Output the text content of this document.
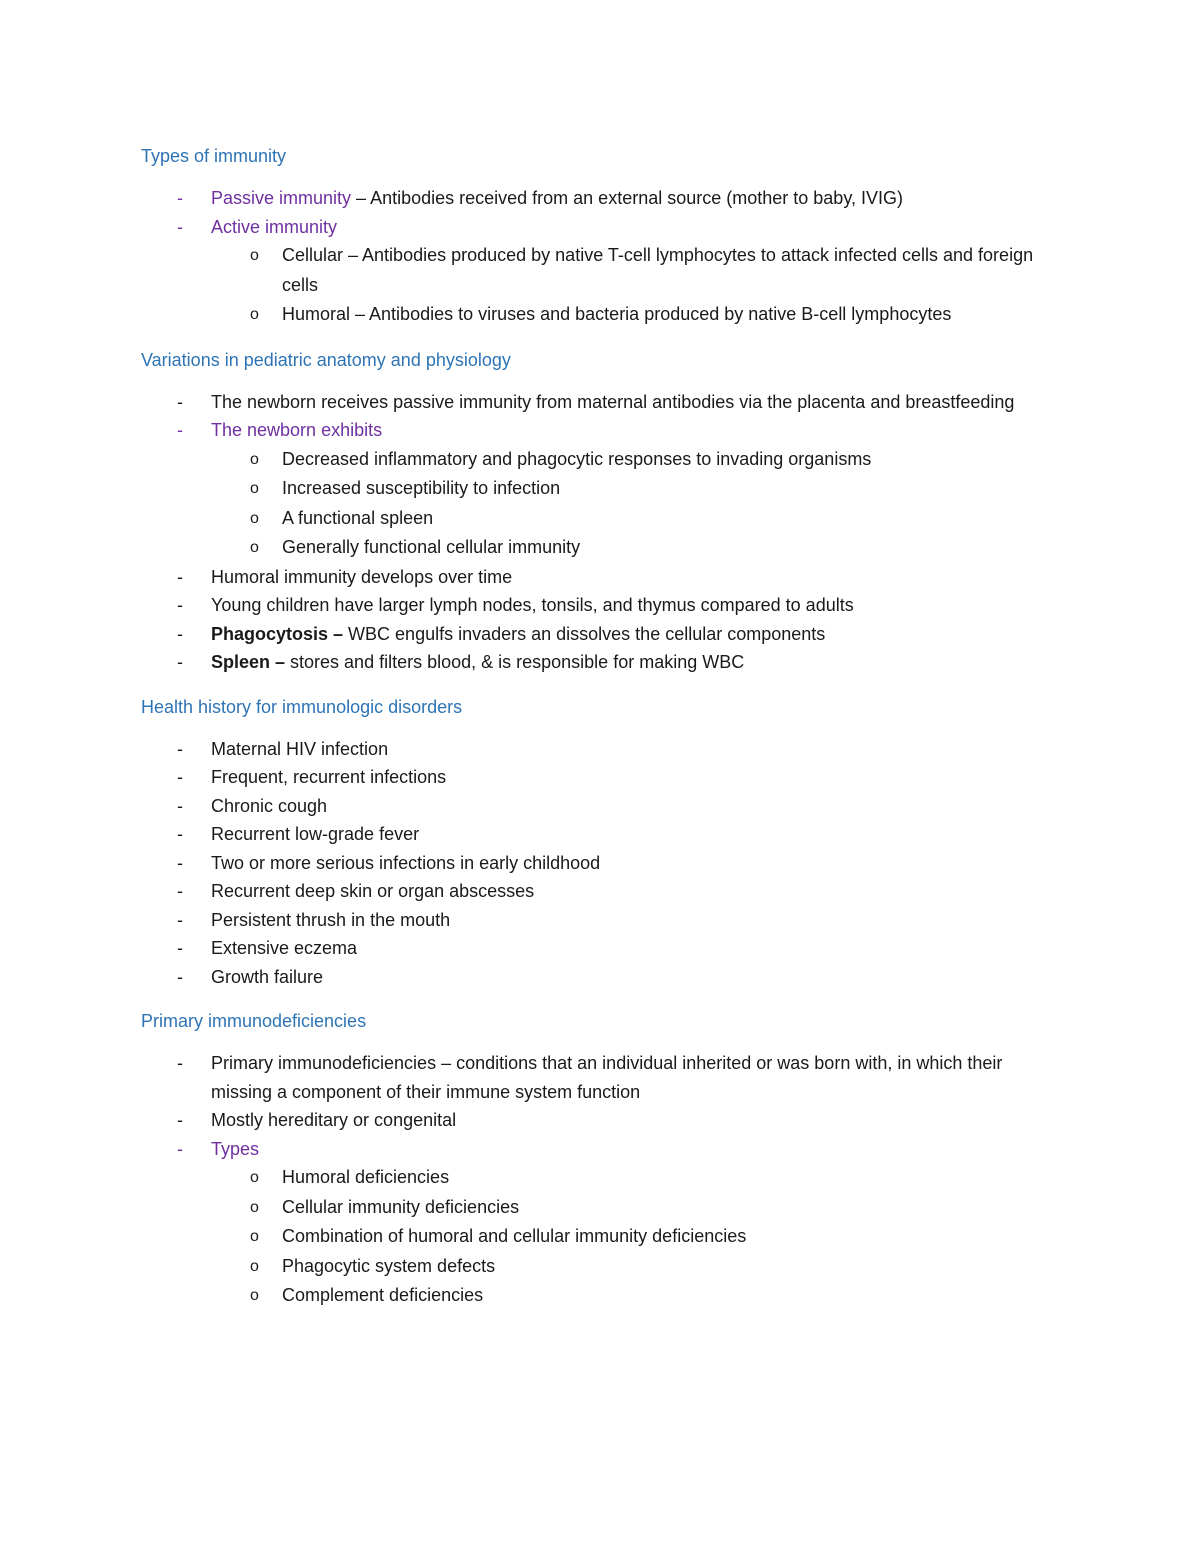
Types of immunity
- Passive immunity – Antibodies received from an external source (mother to baby, IVIG)
- Active immunity
o Cellular – Antibodies produced by native T-cell lymphocytes to attack infected cells and foreign cells
o Humoral – Antibodies to viruses and bacteria produced by native B-cell lymphocytes
Variations in pediatric anatomy and physiology
- The newborn receives passive immunity from maternal antibodies via the placenta and breastfeeding
- The newborn exhibits
o Decreased inflammatory and phagocytic responses to invading organisms
o Increased susceptibility to infection
o A functional spleen
o Generally functional cellular immunity
- Humoral immunity develops over time
- Young children have larger lymph nodes, tonsils, and thymus compared to adults
- Phagocytosis – WBC engulfs invaders an dissolves the cellular components
- Spleen – stores and filters blood, & is responsible for making WBC
Health history for immunologic disorders
- Maternal HIV infection
- Frequent, recurrent infections
- Chronic cough
- Recurrent low-grade fever
- Two or more serious infections in early childhood
- Recurrent deep skin or organ abscesses
- Persistent thrush in the mouth
- Extensive eczema
- Growth failure
Primary immunodeficiencies
- Primary immunodeficiencies – conditions that an individual inherited or was born with, in which their missing a component of their immune system function
- Mostly hereditary or congenital
- Types
o Humoral deficiencies
o Cellular immunity deficiencies
o Combination of humoral and cellular immunity deficiencies
o Phagocytic system defects
o Complement deficiencies
